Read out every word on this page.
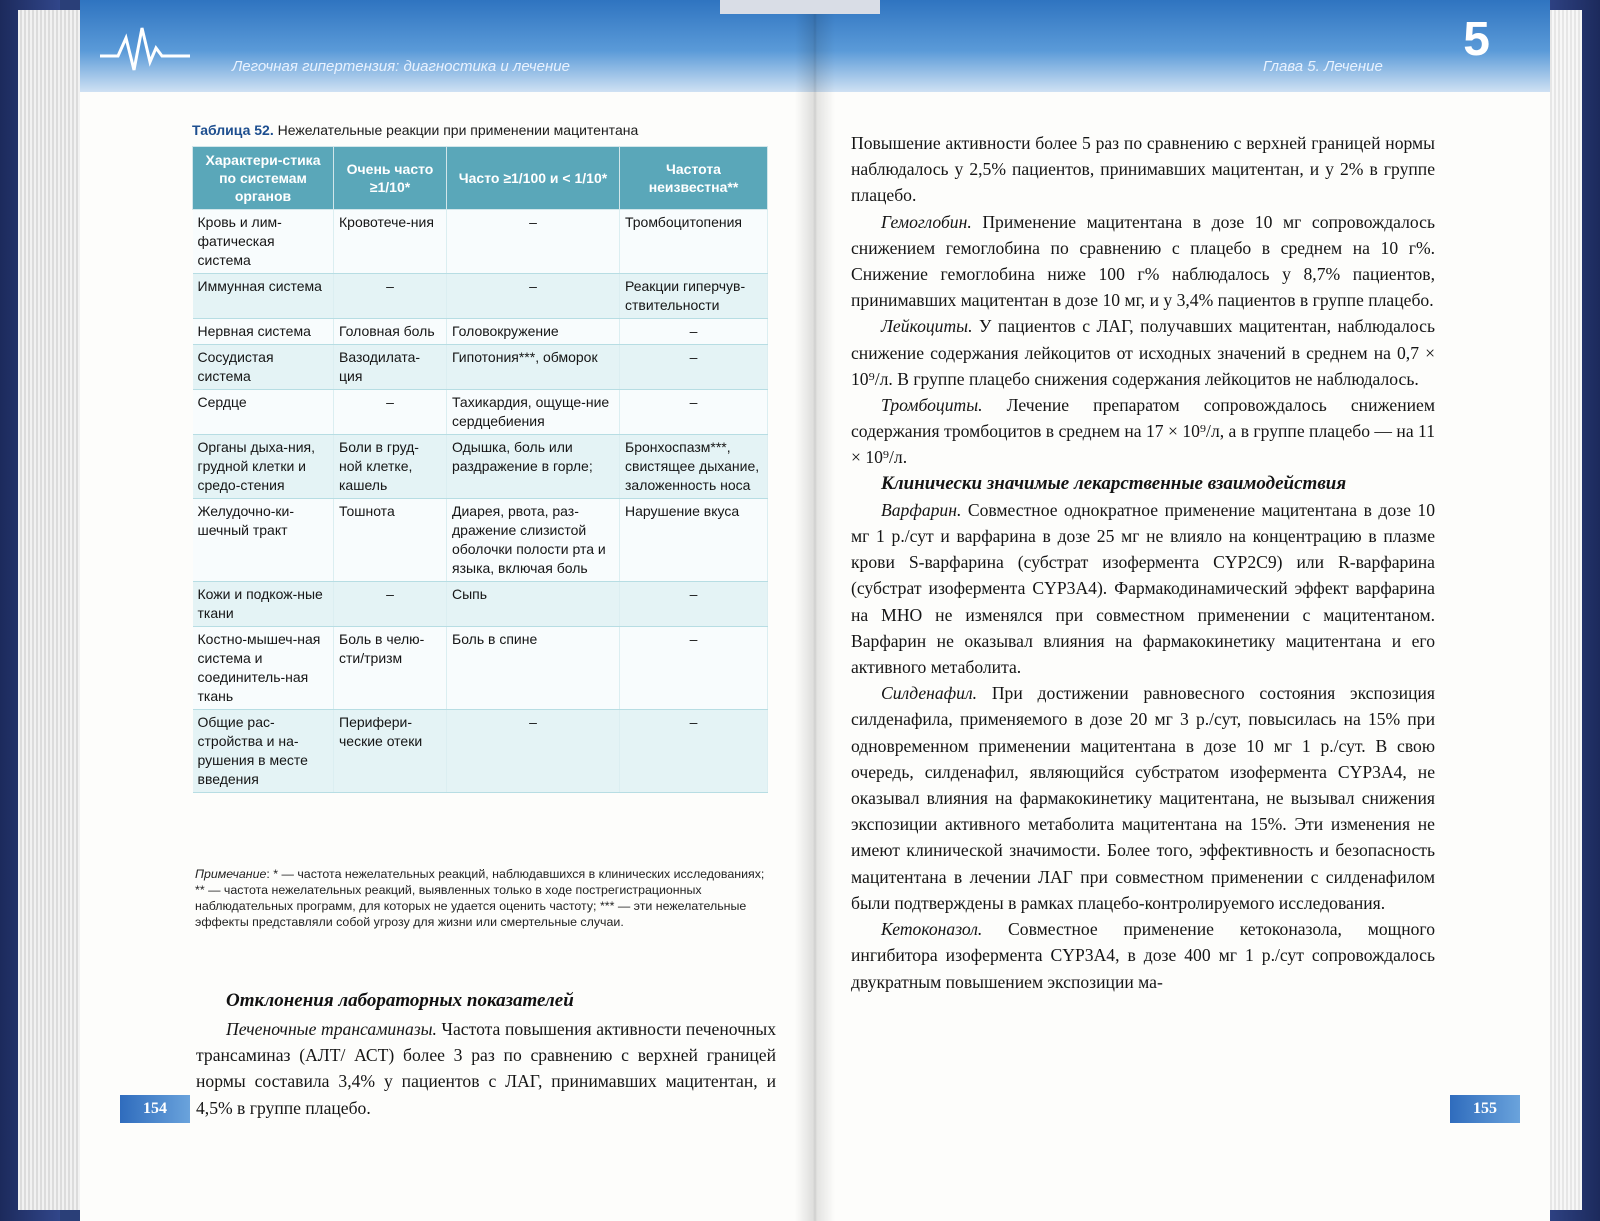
Легочная гипертензия: диагностика и лечение
Таблица 52. Нежелательные реакции при применении мацитентана
Характери-стика по системам органов	Очень часто ≥1/10*	Часто ≥1/100 и < 1/10*	Частота неизвестна**
Кровь и лим-фатическая система	Кровотече-ния	–	Тромбоцитопения
Иммунная система	–	–	Реакции гиперчув-ствительности
Нервная система	Головная боль	Головокружение	–
Сосудистая система	Вазодилата-ция	Гипотония***, обморок	–
Сердце	–	Тахикардия, ощуще-ние сердцебиения	–
Органы дыха-ния, грудной клетки и средо-стения	Боли в груд-ной клетке, кашель	Одышка, боль или раздражение в горле;	Бронхоспазм***, свистящее дыхание, заложенность носа
Желудочно-ки-шечный тракт	Тошнота	Диарея, рвота, раз-дражение слизистой оболочки полости рта и языка, включая боль	Нарушение вкуса
Кожи и подкож-ные ткани	–	Сыпь	–
Костно-мышеч-ная система и соединитель-ная ткань	Боль в челю-сти/тризм	Боль в спине	–
Общие рас-стройства и на-рушения в месте введения	Перифери-ческие отеки	–	–
Примечание: * — частота нежелательных реакций, наблюдавшихся в клинических исследованиях; ** — частота нежелательных реакций, выявленных только в ходе пострегистрационных наблюдательных программ, для которых не удается оценить частоту; *** — эти нежелательные эффекты представляли собой угрозу для жизни или смертельные случаи.
Отклонения лабораторных показателей

Печеночные трансаминазы. Частота повышения активности печеночных трансаминаз (АЛТ/ АСТ) более 3 раз по сравнению с верхней границей нормы составила 3,4% у пациентов с ЛАГ, принимавших мацитентан, и 4,5% в группе плацебо.

154
Глава 5. Лечение
5

Повышение активности более 5 раз по сравнению с верхней границей нормы наблюдалось у 2,5% пациентов, принимавших мацитентан, и у 2% в группе плацебо.

Гемоглобин. Применение мацитентана в дозе 10 мг сопровождалось снижением гемоглобина по сравнению с плацебо в среднем на 10 г%. Снижение гемоглобина ниже 100 г% наблюдалось у 8,7% пациентов, принимавших мацитентан в дозе 10 мг, и у 3,4% пациентов в группе плацебо.

Лейкоциты. У пациентов с ЛАГ, получавших мацитентан, наблюдалось снижение содержания лейкоцитов от исходных значений в среднем на 0,7 × 10⁹/л. В группе плацебо снижения содержания лейкоцитов не наблюдалось.

Тромбоциты. Лечение препаратом сопровождалось снижением содержания тромбоцитов в среднем на 17 × 10⁹/л, а в группе плацебо — на 11 × 10⁹/л.

Клинически значимые лекарственные взаимодействия

Варфарин. Совместное однократное применение мацитентана в дозе 10 мг 1 р./сут и варфарина в дозе 25 мг не влияло на концентрацию в плазме крови S-варфарина (субстрат изофермента CYP2C9) или R-варфарина (субстрат изофермента CYP3A4). Фармакодинамический эффект варфарина на МНО не изменялся при совместном применении с мацитентаном. Варфарин не оказывал влияния на фармакокинетику мацитентана и его активного метаболита.

Силденафил. При достижении равновесного состояния экспозиция силденафила, применяемого в дозе 20 мг 3 р./сут, повысилась на 15% при одновременном применении мацитентана в дозе 10 мг 1 р./сут. В свою очередь, силденафил, являющийся субстратом изофермента CYP3A4, не оказывал влияния на фармакокинетику мацитентана, не вызывал снижения экспозиции активного метаболита мацитентана на 15%. Эти изменения не имеют клинической значимости. Более того, эффективность и безопасность мацитентана в лечении ЛАГ при совместном применении с силденафилом были подтверждены в рамках плацебо-контролируемого исследования.

Кетоконазол. Совместное применение кетоконазола, мощного ингибитора изофермента CYP3A4, в дозе 400 мг 1 р./сут сопровождалось двукратным повышением экспозиции ма-

155
